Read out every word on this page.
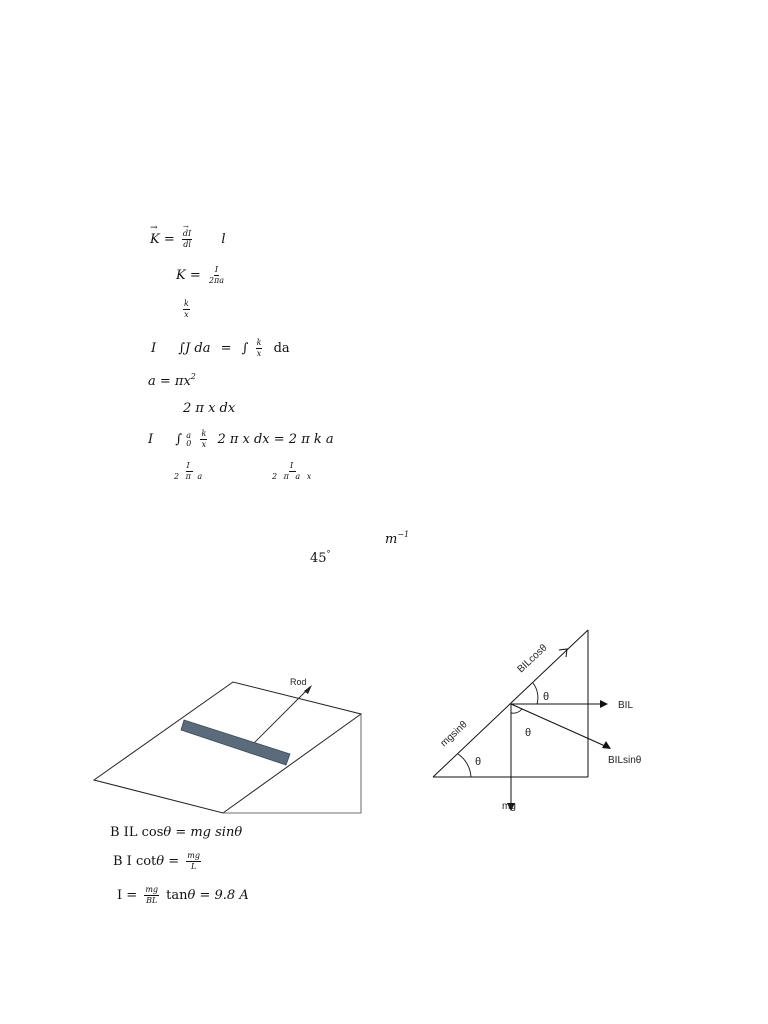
→ K =
→ $\frac{dI}{dl}$ l
$K = \frac{I}{2\pi a}$
$\frac{k}{x}$
I ∫J da = ∫ $\frac{k}{x}$ da
$a = \pi x^2$
2 π x dx
I ∫ a
0
$\frac{k}{x} 2$ π x dx = 2 π k a
$\frac{I}{\text{2 π a}}$	$\frac{I}{\text{2 π a x}}$
$m^{-1}$
45°
Rod
BILcosθ
θ
BIL
θ
mgsinθ
θ	BILsinθ
mg
B IL cosθ = mg sinθ
B I $\cot\theta = \frac{mg}{L}$
$I = \frac{mg}{BL}$ tanθ = 9.8 A
